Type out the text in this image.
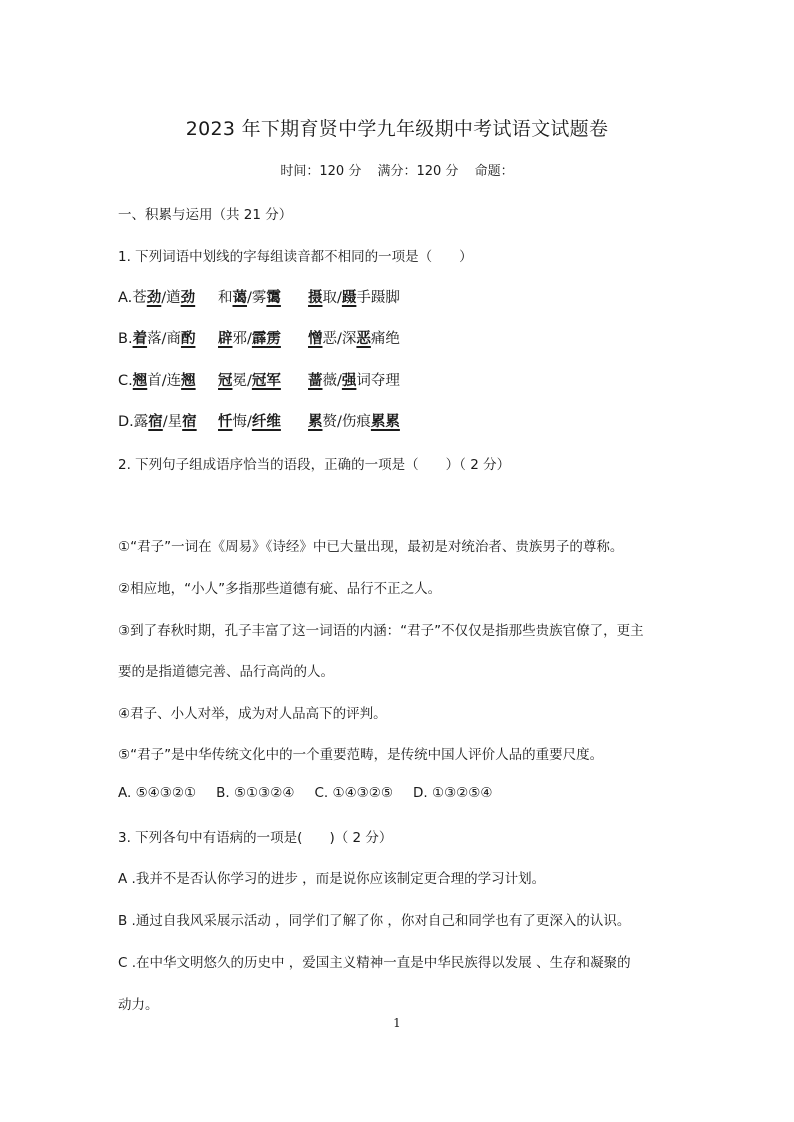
2023 年下期育贤中学九年级期中考试语文试题卷
时间：120 分 满分：120 分 命题：
一、积累与运用（共 21 分）
1. 下列词语中划线的字每组读音都不相同的一项是（　　）
A.苍劲/遒劲 和蔼/雾霭 摄取/蹑手蹑脚
B.着落/商酌 辟邪/霹雳 憎恶/深恶痛绝
C.翘首/连翘 冠冕/冠军 蔷薇/强词夺理
D.露宿/星宿 忏悔/纤维 累赘/伤痕累累
2. 下列句子组成语序恰当的语段，正确的一项是（　　）（ 2 分）
①“君子”一词在《周易》《诗经》中已大量出现，最初是对统治者、贵族男子的尊称。
②相应地，“小人”多指那些道德有疵、品行不正之人。
③到了春秋时期，孔子丰富了这一词语的内涵：“君子”不仅仅是指那些贵族官僚了，更主
要的是指道德完善、品行高尚的人。
④君子、小人对举，成为对人品高下的评判。
⑤“君子”是中华传统文化中的一个重要范畴，是传统中国人评价人品的重要尺度。
A. ⑤④③②① B. ⑤①③②④ C. ①④③②⑤ D. ①③②⑤④
3. 下列各句中有语病的一项是(　　)（ 2 分）
A .我并不是否认你学习的进步 ，而是说你应该制定更合理的学习计划。
B .通过自我风采展示活动 ，同学们了解了你 ，你对自己和同学也有了更深入的认识。
C .在中华文明悠久的历史中 ，爱国主义精神一直是中华民族得以发展 、生存和凝聚的
动力。
1
